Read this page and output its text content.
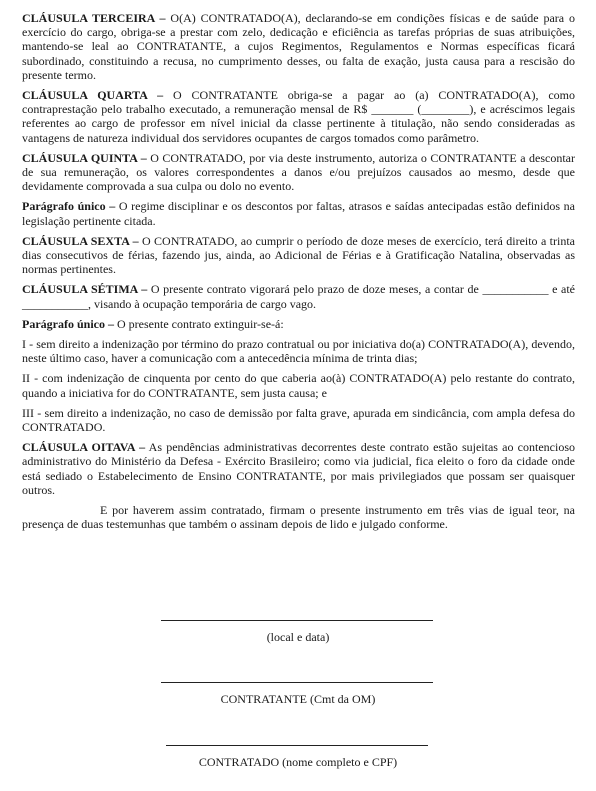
CLÁUSULA TERCEIRA – O(A) CONTRATADO(A), declarando-se em condições físicas e de saúde para o exercício do cargo, obriga-se a prestar com zelo, dedicação e eficiência as tarefas próprias de suas atribuições, mantendo-se leal ao CONTRATANTE, a cujos Regimentos, Regulamentos e Normas específicas ficará subordinado, constituindo a recusa, no cumprimento desses, ou falta de exação, justa causa para a rescisão do presente termo.

CLÁUSULA QUARTA – O CONTRATANTE obriga-se a pagar ao (a) CONTRATADO(A), como contraprestação pelo trabalho executado, a remuneração mensal de R$ _______ (________), e acréscimos legais referentes ao cargo de professor em nível inicial da classe pertinente à titulação, não sendo consideradas as vantagens de natureza individual dos servidores ocupantes de cargos tomados como parâmetro.

CLÁUSULA QUINTA – O CONTRATADO, por via deste instrumento, autoriza o CONTRATANTE a descontar de sua remuneração, os valores correspondentes a danos e/ou prejuízos causados ao mesmo, desde que devidamente comprovada a sua culpa ou dolo no evento.

Parágrafo único – O regime disciplinar e os descontos por faltas, atrasos e saídas antecipadas estão definidos na legislação pertinente citada.

CLÁUSULA SEXTA – O CONTRATADO, ao cumprir o período de doze meses de exercício, terá direito a trinta dias consecutivos de férias, fazendo jus, ainda, ao Adicional de Férias e à Gratificação Natalina, observadas as normas pertinentes.

CLÁUSULA SÉTIMA – O presente contrato vigorará pelo prazo de doze meses, a contar de ___________ e até ___________, visando à ocupação temporária de cargo vago.

Parágrafo único – O presente contrato extinguir-se-á:

I - sem direito a indenização por término do prazo contratual ou por iniciativa do(a) CONTRATADO(A), devendo, neste último caso, haver a comunicação com a antecedência mínima de trinta dias;

II - com indenização de cinquenta por cento do que caberia ao(à) CONTRATADO(A) pelo restante do contrato, quando a iniciativa for do CONTRATANTE, sem justa causa; e

III - sem direito a indenização, no caso de demissão por falta grave, apurada em sindicância, com ampla defesa do CONTRATADO.

CLÁUSULA OITAVA – As pendências administrativas decorrentes deste contrato estão sujeitas ao contencioso administrativo do Ministério da Defesa - Exército Brasileiro; como via judicial, fica eleito o foro da cidade onde está sediado o Estabelecimento de Ensino CONTRATANTE, por mais privilegiados que possam ser quaisquer outros.

E por haverem assim contratado, firmam o presente instrumento em três vias de igual teor, na presença de duas testemunhas que também o assinam depois de lido e julgado conforme.

(local e data)
CONTRATANTE (Cmt da OM)
CONTRATADO (nome completo e CPF)
